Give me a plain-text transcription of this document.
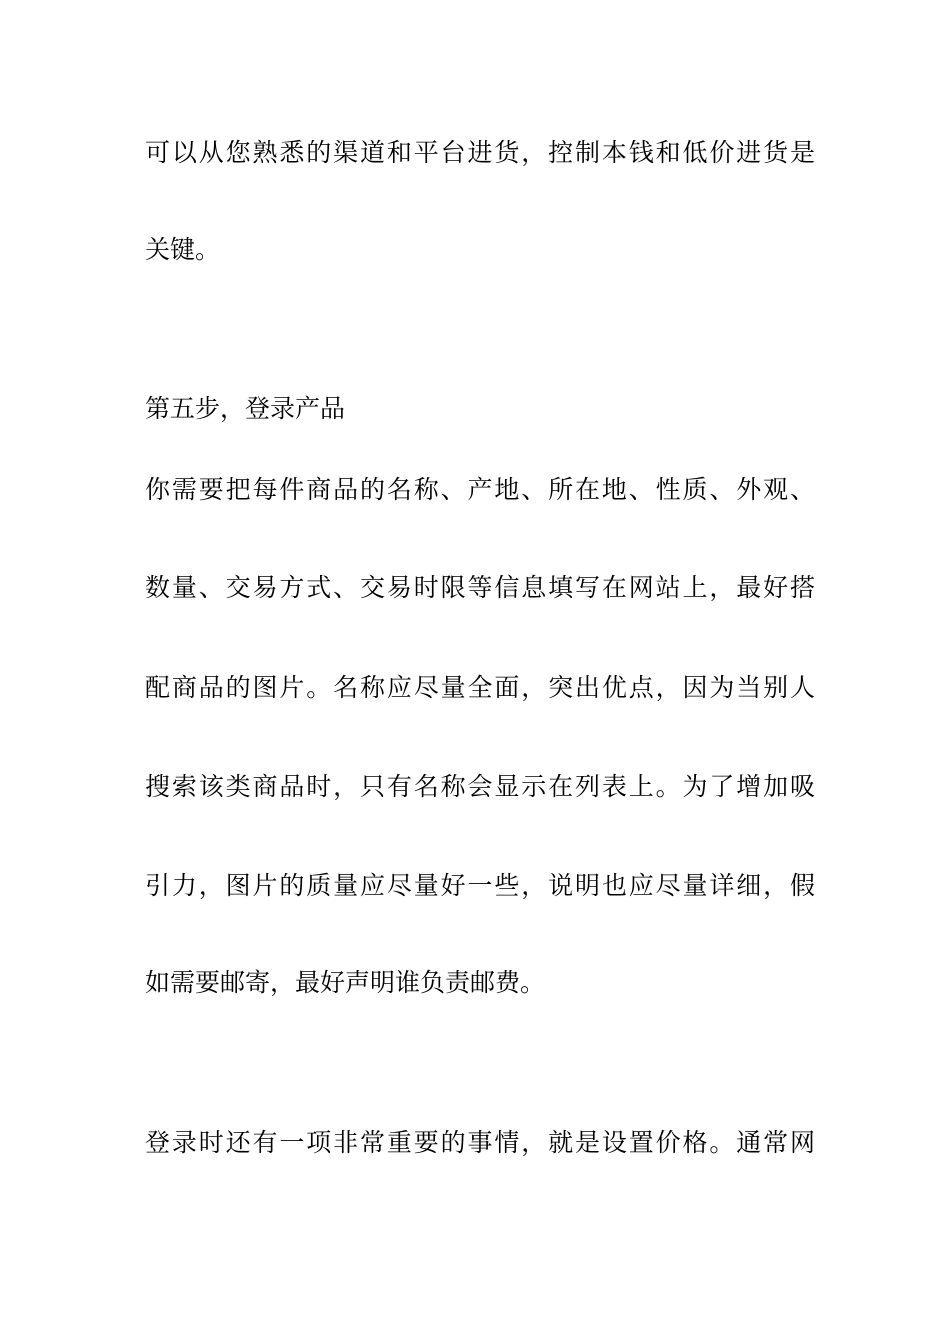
可以从您熟悉的渠道和平台进货，控制本钱和低价进货是
关键。
第五步，登录产品
你需要把每件商品的名称、产地、所在地、性质、外观、
数量、交易方式、交易时限等信息填写在网站上，最好搭
配商品的图片。名称应尽量全面，突出优点，因为当别人
搜索该类商品时，只有名称会显示在列表上。为了增加吸
引力，图片的质量应尽量好一些，说明也应尽量详细，假
如需要邮寄，最好声明谁负责邮费。
登录时还有一项非常重要的事情，就是设置价格。通常网
